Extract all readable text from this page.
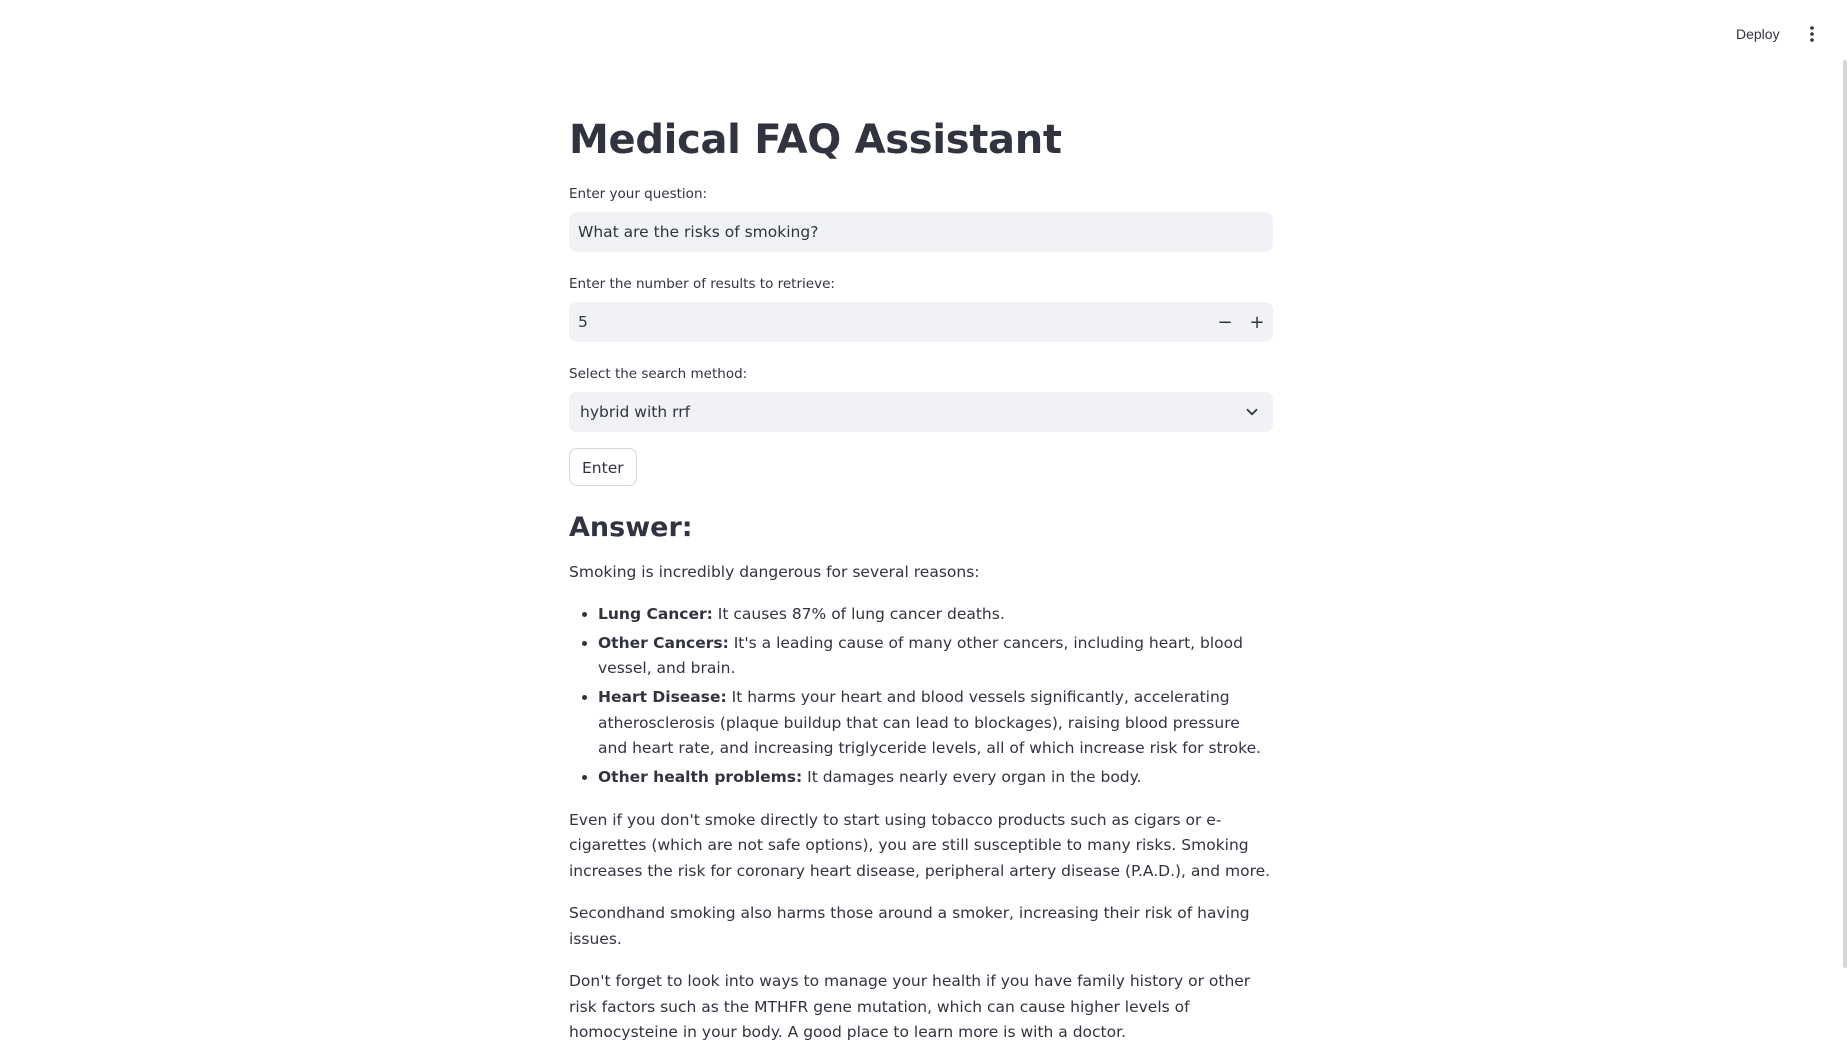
Deploy
Medical FAQ Assistant
Enter your question:
What are the risks of smoking?
Enter the number of results to retrieve:
5	− +
Select the search method:
hybrid with rrf
Enter
Answer:

Smoking is incredibly dangerous for several reasons:

• Lung Cancer: It causes 87% of lung cancer deaths.
• Other Cancers: It's a leading cause of many other cancers, including heart, blood vessel, and brain.
• Heart Disease: It harms your heart and blood vessels significantly, accelerating atherosclerosis (plaque buildup that can lead to blockages), raising blood pressure and heart rate, and increasing triglyceride levels, all of which increase risk for stroke.
• Other health problems: It damages nearly every organ in the body.

Even if you don't smoke directly to start using tobacco products such as cigars or e-cigarettes (which are not safe options), you are still susceptible to many risks. Smoking increases the risk for coronary heart disease, peripheral artery disease (P.A.D.), and more.

Secondhand smoking also harms those around a smoker, increasing their risk of having issues.

Don't forget to look into ways to manage your health if you have family history or other risk factors such as the MTHFR gene mutation, which can cause higher levels of homocysteine in your body. A good place to learn more is with a doctor.
